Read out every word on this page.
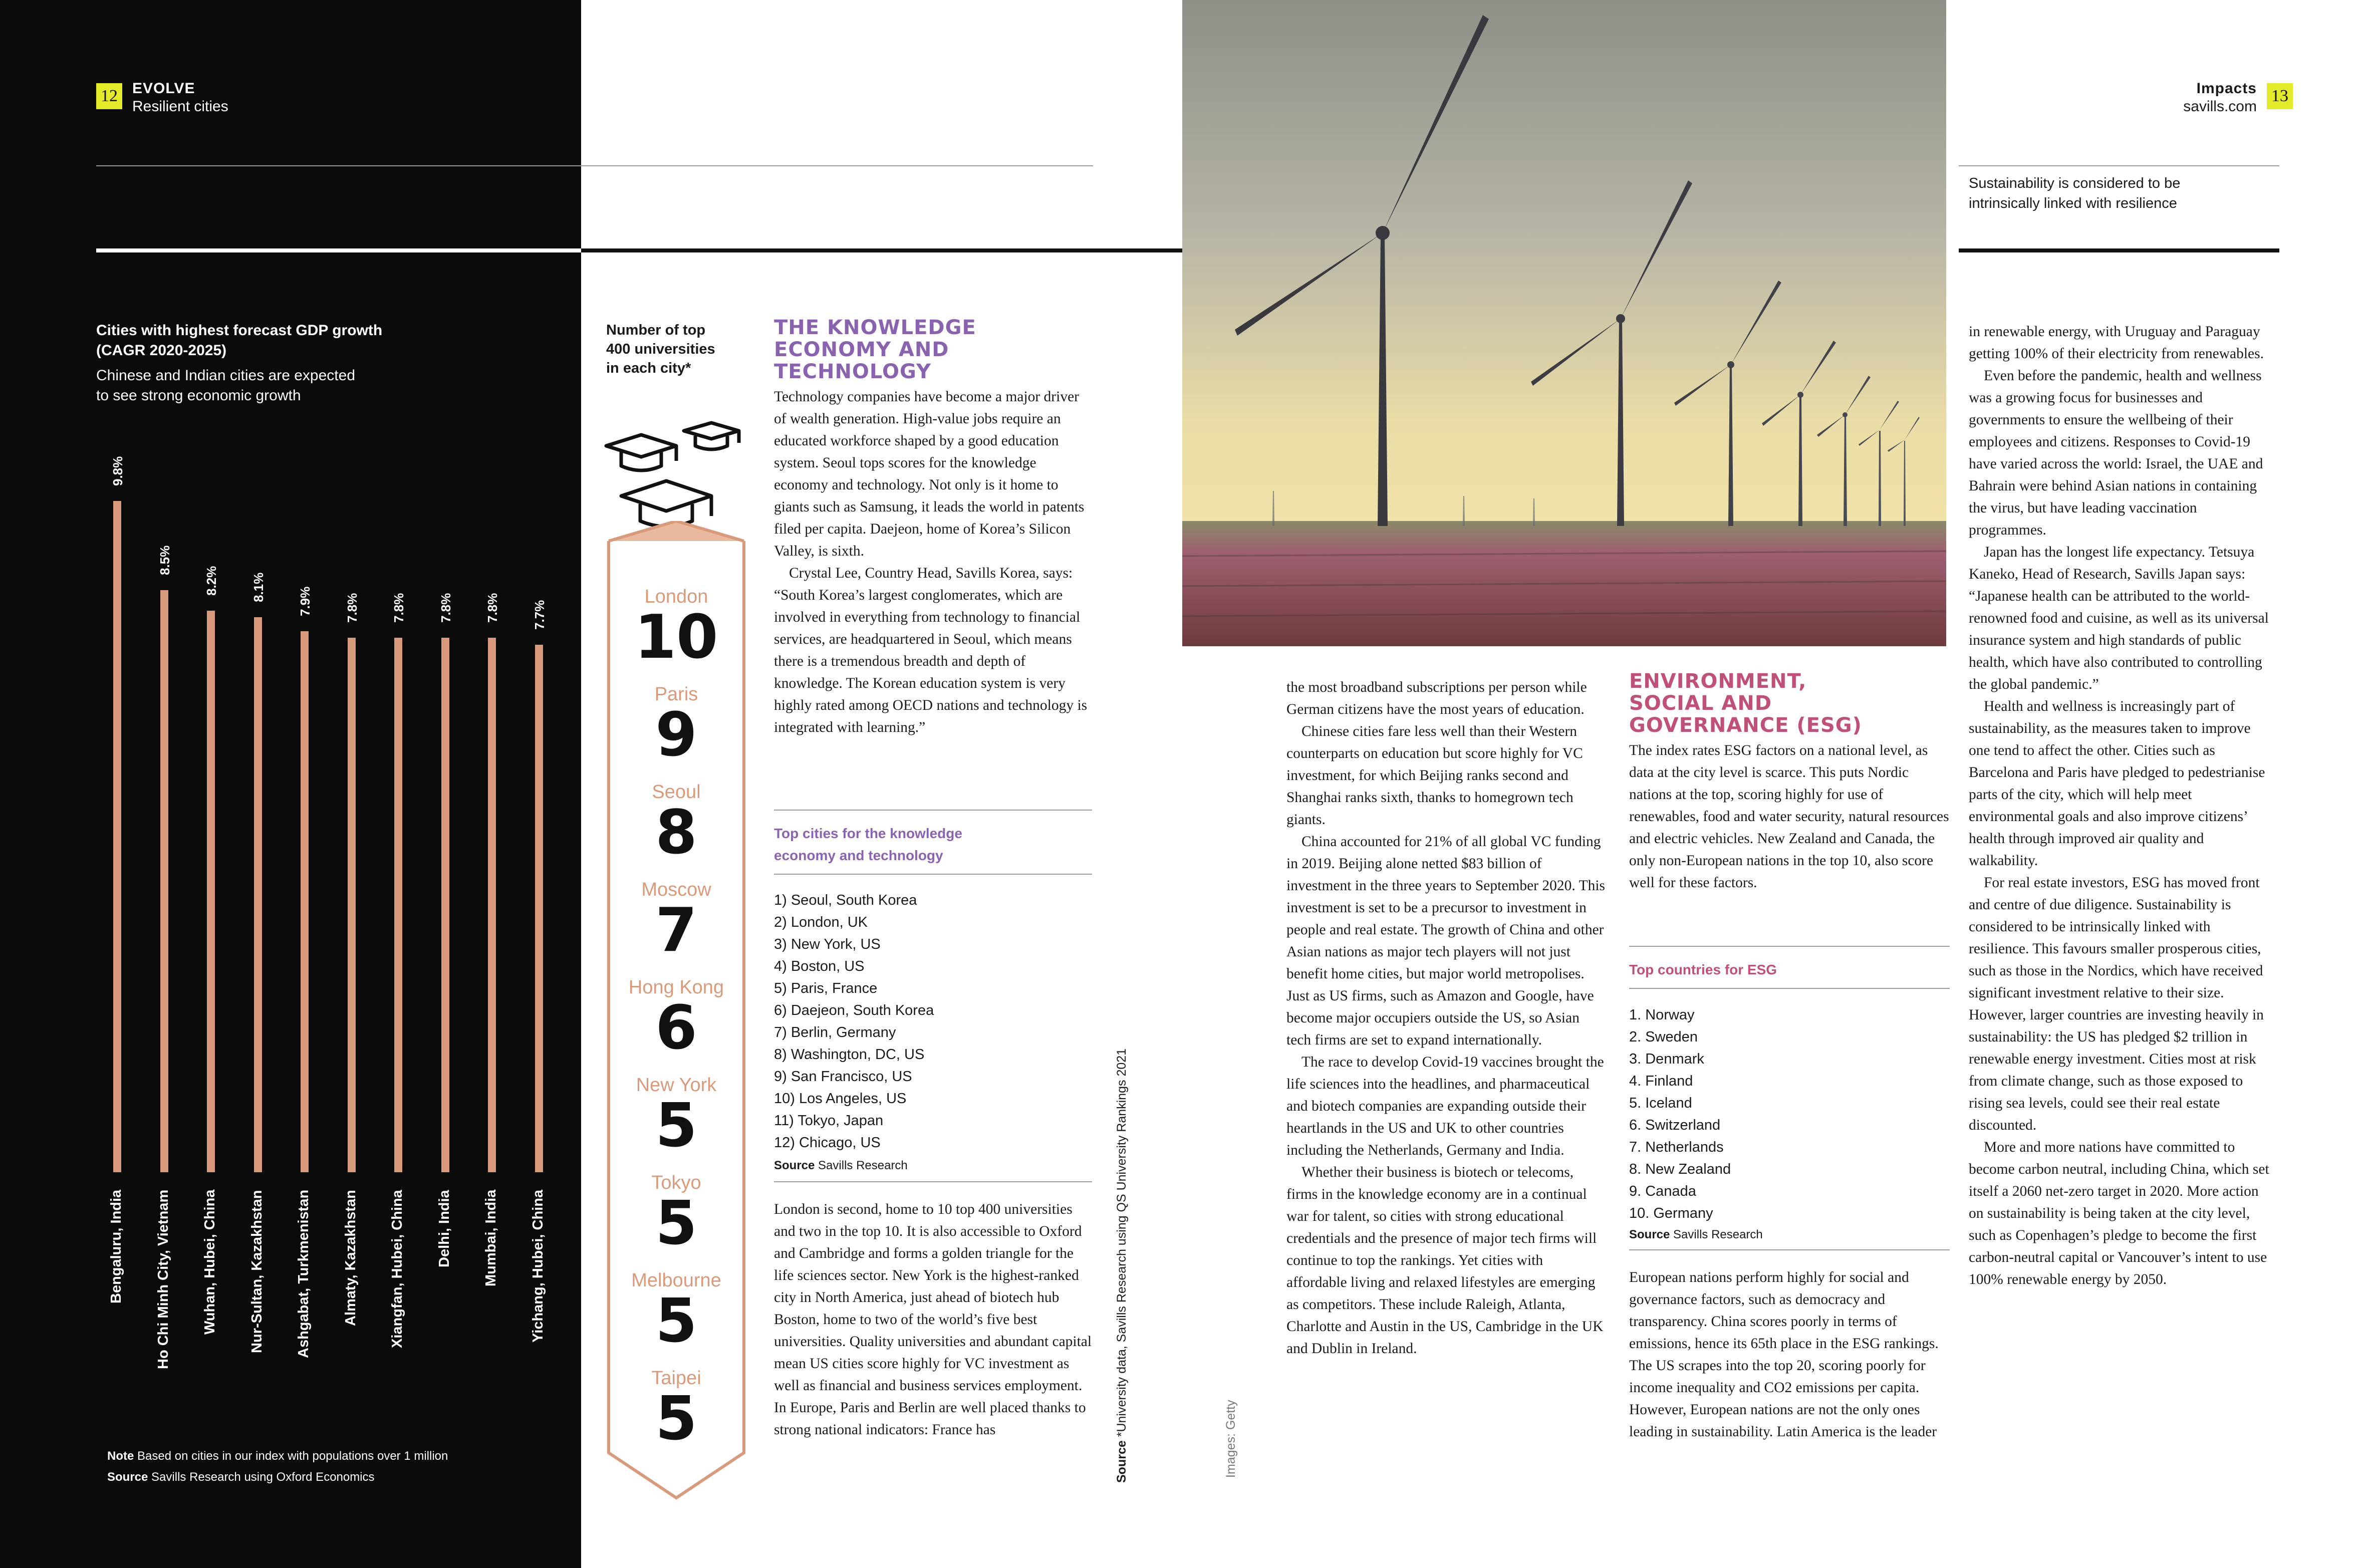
12 EVOLVE
Resilient cities
Cities with highest forecast GDP growth
(CAGR 2020-2025)
Chinese and Indian cities are expected
to see strong economic growth
9.8%
Bengaluru, India
8.5%
Ho Chi Minh City, Vietnam
8.2%
Wuhan, Hubei, China
8.1%
Nur-Sultan, Kazakhstan
7.9%
Ashgabat, Turkmenistan
7.8%
Almaty, Kazakhstan
7.8%
Xiangfan, Hubei, China
7.8%
Delhi, India
7.8%
Mumbai, India
7.7%
Yichang, Hubei, China
Note Based on cities in our index with populations over 1 million
Source Savills Research using Oxford Economics
Number of top
400 universities
in each city*
London
10
Paris
9
Seoul
8
Moscow
7
Hong Kong
6
New York
5
Tokyo
5
Melbourne
5
Taipei
5
THE KNOWLEDGE
ECONOMY AND
TECHNOLOGY

Technology companies have become a major driver of wealth generation. High-value jobs require an educated workforce shaped by a good education system. Seoul tops scores for the knowledge economy and technology. Not only is it home to giants such as Samsung, it leads the world in patents filed per capita. Daejeon, home of Korea’s Silicon Valley, is sixth.

Crystal Lee, Country Head, Savills Korea, says: “South Korea’s largest conglomerates, which are involved in everything from technology to financial services, are headquartered in Seoul, which means there is a tremendous breadth and depth of knowledge. The Korean education system is very highly rated among OECD nations and technology is integrated with learning.”

Top cities for the knowledge
economy and technology
1) Seoul, South Korea
2) London, UK
3) New York, US
4) Boston, US
5) Paris, France
6) Daejeon, South Korea
7) Berlin, Germany
8) Washington, DC, US
9) San Francisco, US
10) Los Angeles, US
11) Tokyo, Japan
12) Chicago, US
Source Savills Research

London is second, home to 10 top 400 universities and two in the top 10. It is also accessible to Oxford and Cambridge and forms a golden triangle for the life sciences sector. New York is the highest-ranked city in North America, just ahead of biotech hub Boston, home to two of the world’s five best universities. Quality universities and abundant capital mean US cities score highly for VC investment as well as financial and business services employment. In Europe, Paris and Berlin are well placed thanks to strong national indicators: France has

Source *University data, Savills Research using QS University Rankings 2021	Images: Getty
Impacts
savills.com
13
Sustainability is considered to be intrinsically linked with resilience

the most broadband subscriptions per person while German citizens have the most years of education.

Chinese cities fare less well than their Western counterparts on education but score highly for VC investment, for which Beijing ranks second and Shanghai ranks sixth, thanks to homegrown tech giants.

China accounted for 21% of all global VC funding in 2019. Beijing alone netted $83 billion of investment in the three years to September 2020. This investment is set to be a precursor to investment in people and real estate. The growth of China and other Asian nations as major tech players will not just benefit home cities, but major world metropolises. Just as US firms, such as Amazon and Google, have become major occupiers outside the US, so Asian tech firms are set to expand internationally.

The race to develop Covid-19 vaccines brought the life sciences into the headlines, and pharmaceutical and biotech companies are expanding outside their heartlands in the US and UK to other countries including the Netherlands, Germany and India.

Whether their business is biotech or telecoms, firms in the knowledge economy are in a continual war for talent, so cities with strong educational credentials and the presence of major tech firms will continue to top the rankings. Yet cities with affordable living and relaxed lifestyles are emerging as competitors. These include Raleigh, Atlanta, Charlotte and Austin in the US, Cambridge in the UK and Dublin in Ireland.

ENVIRONMENT,
SOCIAL AND
GOVERNANCE (ESG)

The index rates ESG factors on a national level, as data at the city level is scarce. This puts Nordic nations at the top, scoring highly for use of renewables, food and water security, natural resources and electric vehicles. New Zealand and Canada, the only non-European nations in the top 10, also score well for these factors.

Top countries for ESG
1. Norway
2. Sweden
3. Denmark
4. Finland
5. Iceland
6. Switzerland
7. Netherlands
8. New Zealand
9. Canada
10. Germany
Source Savills Research

European nations perform highly for social and governance factors, such as democracy and transparency. China scores poorly in terms of emissions, hence its 65th place in the ESG rankings. The US scrapes into the top 20, scoring poorly for income inequality and CO2 emissions per capita. However, European nations are not the only ones leading in sustainability. Latin America is the leader

in renewable energy, with Uruguay and Paraguay getting 100% of their electricity from renewables.

Even before the pandemic, health and wellness was a growing focus for businesses and governments to ensure the wellbeing of their employees and citizens. Responses to Covid-19 have varied across the world: Israel, the UAE and Bahrain were behind Asian nations in containing the virus, but have leading vaccination programmes.

Japan has the longest life expectancy. Tetsuya Kaneko, Head of Research, Savills Japan says: “Japanese health can be attributed to the world-renowned food and cuisine, as well as its universal insurance system and high standards of public health, which have also contributed to controlling the global pandemic.”

Health and wellness is increasingly part of sustainability, as the measures taken to improve one tend to affect the other. Cities such as Barcelona and Paris have pledged to pedestrianise parts of the city, which will help meet environmental goals and also improve citizens’ health through improved air quality and walkability.

For real estate investors, ESG has moved front and centre of due diligence. Sustainability is considered to be intrinsically linked with resilience. This favours smaller prosperous cities, such as those in the Nordics, which have received significant investment relative to their size. However, larger countries are investing heavily in sustainability: the US has pledged $2 trillion in renewable energy investment. Cities most at risk from climate change, such as those exposed to rising sea levels, could see their real estate discounted.

More and more nations have committed to become carbon neutral, including China, which set itself a 2060 net-zero target in 2020. More action on sustainability is being taken at the city level, such as Copenhagen’s pledge to become the first carbon-neutral capital or Vancouver’s intent to use 100% renewable energy by 2050.
